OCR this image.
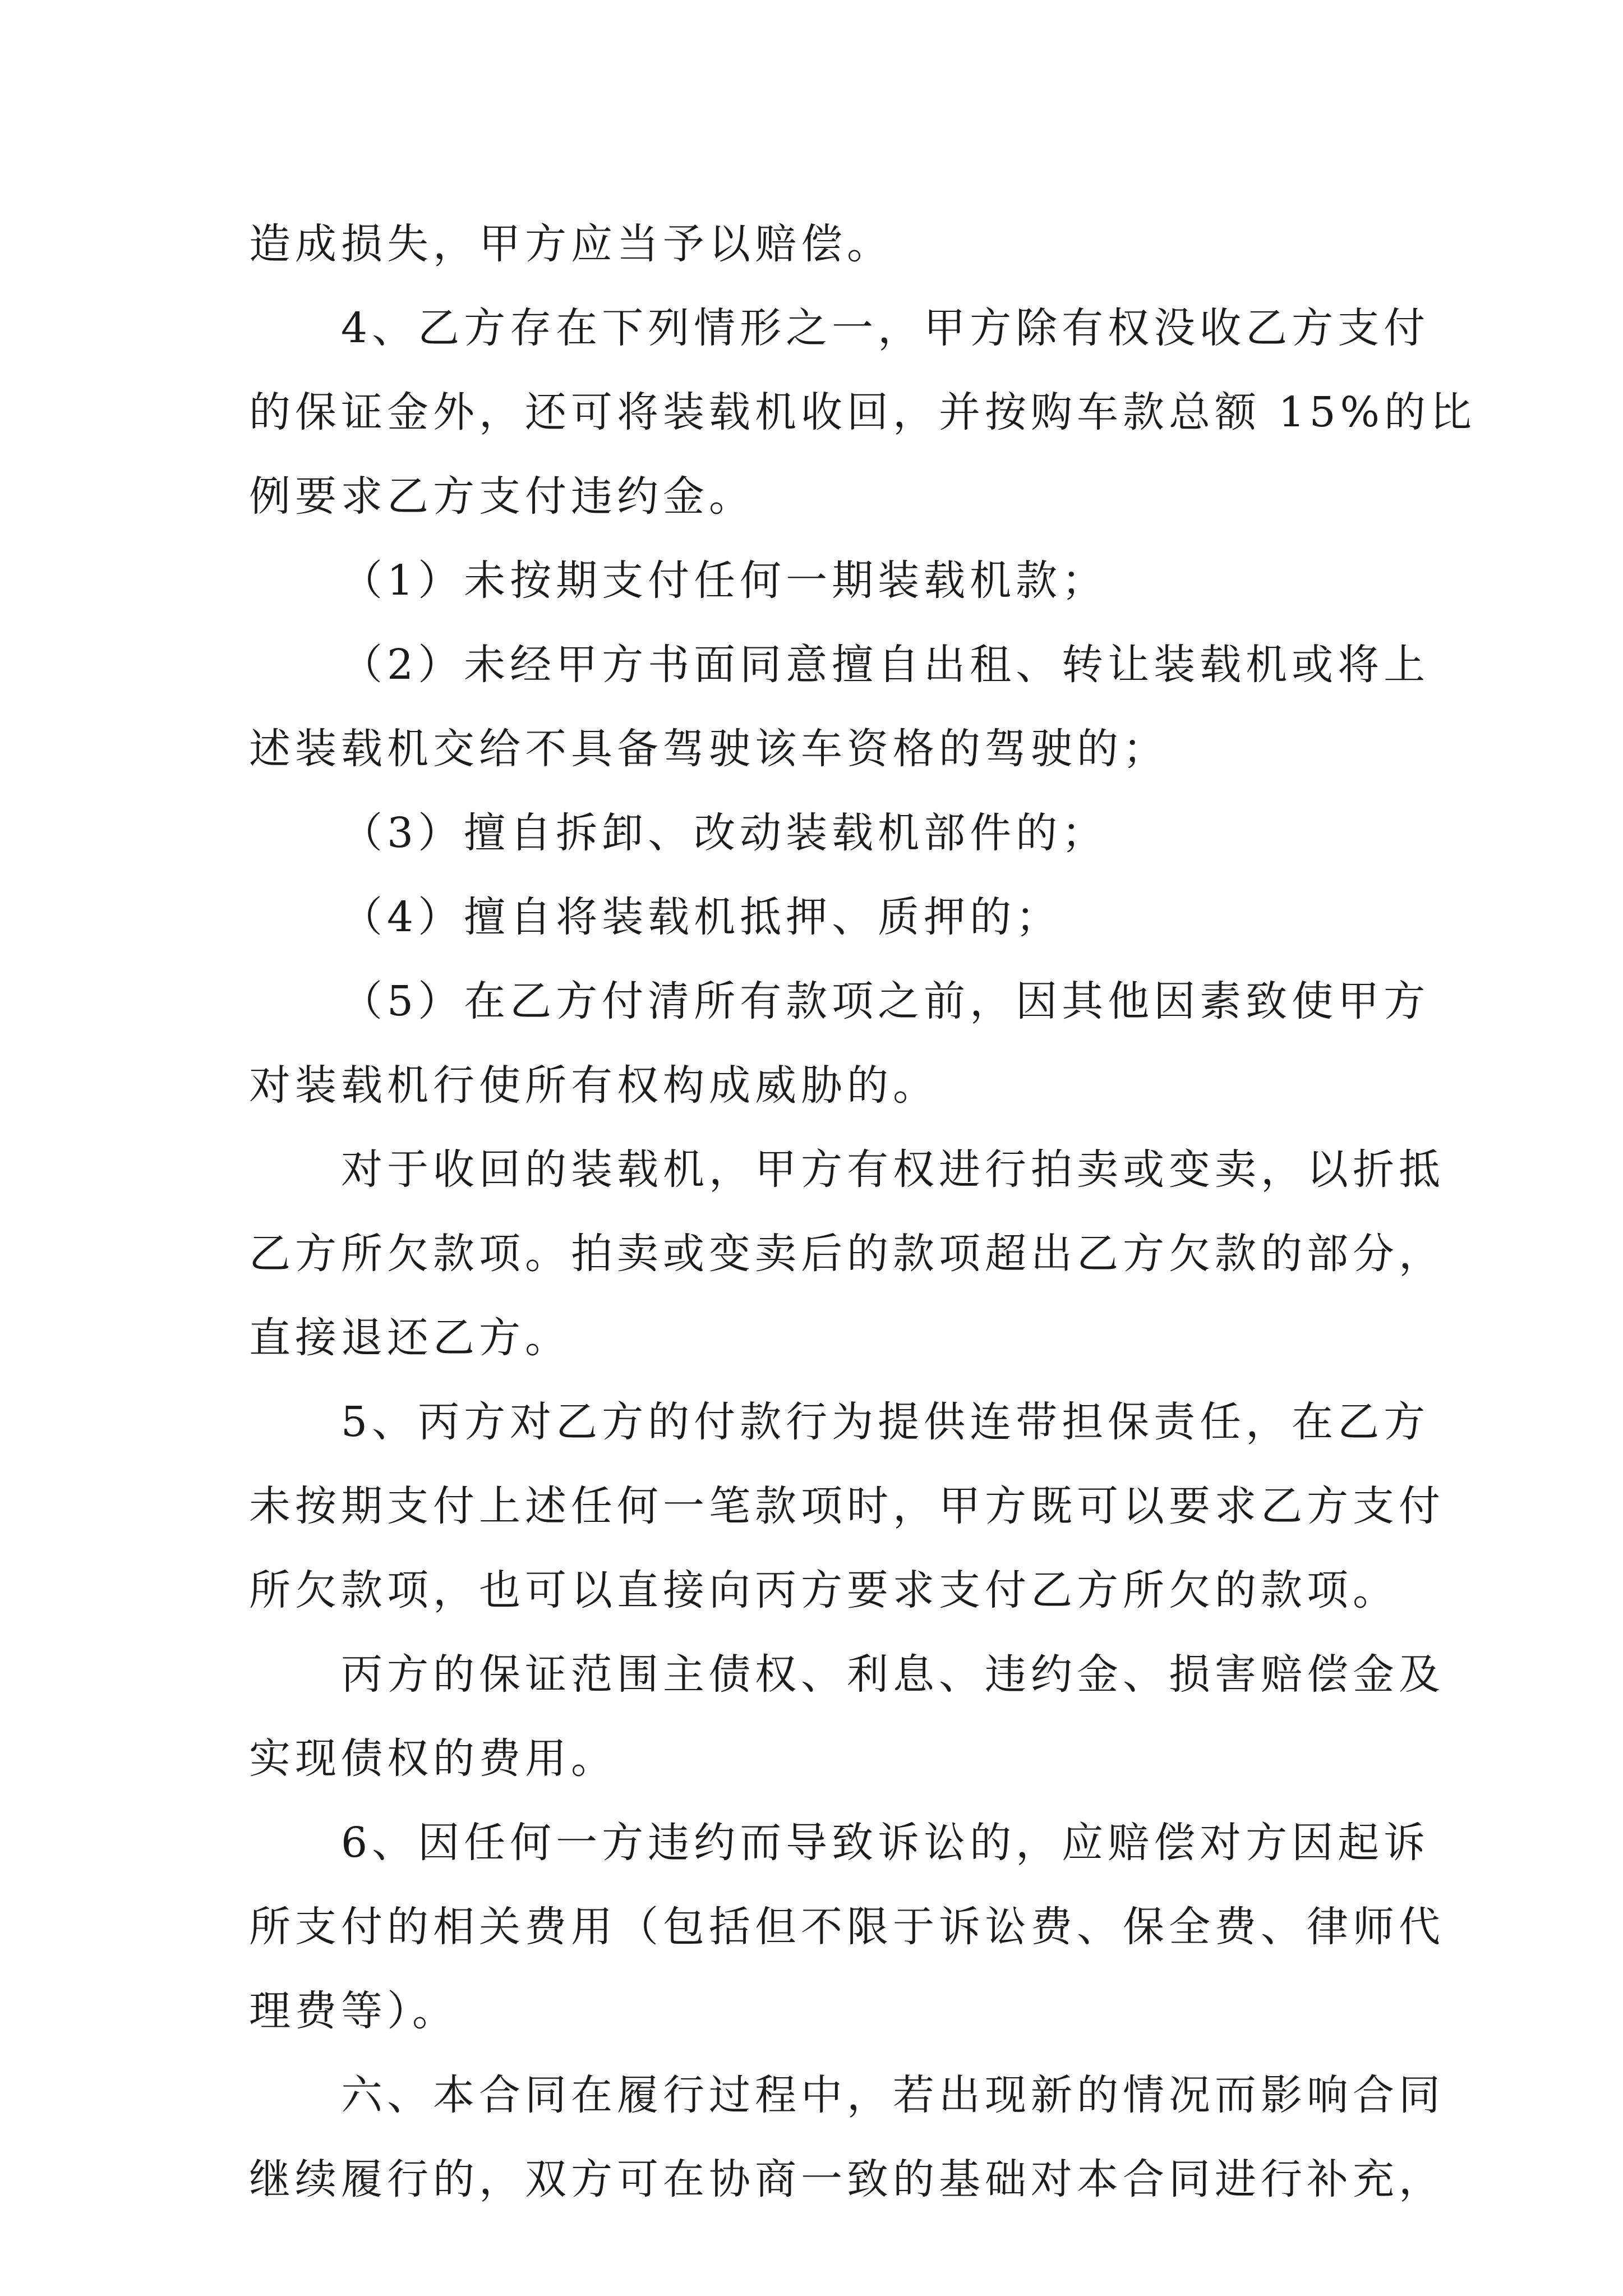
造成损失，甲方应当予以赔偿。
4、乙方存在下列情形之一，甲方除有权没收乙方支付
的保证金外，还可将装载机收回，并按购车款总额 15%的比
例要求乙方支付违约金。
（1）未按期支付任何一期装载机款；
（2）未经甲方书面同意擅自出租、转让装载机或将上
述装载机交给不具备驾驶该车资格的驾驶的；
（3）擅自拆卸、改动装载机部件的；
（4）擅自将装载机抵押、质押的；
（5）在乙方付清所有款项之前，因其他因素致使甲方
对装载机行使所有权构成威胁的。
对于收回的装载机，甲方有权进行拍卖或变卖，以折抵
乙方所欠款项。拍卖或变卖后的款项超出乙方欠款的部分，
直接退还乙方。
5、丙方对乙方的付款行为提供连带担保责任，在乙方
未按期支付上述任何一笔款项时，甲方既可以要求乙方支付
所欠款项，也可以直接向丙方要求支付乙方所欠的款项。
丙方的保证范围主债权、利息、违约金、损害赔偿金及
实现债权的费用。
6、因任何一方违约而导致诉讼的，应赔偿对方因起诉
所支付的相关费用（包括但不限于诉讼费、保全费、律师代
理费等）。
六、本合同在履行过程中，若出现新的情况而影响合同
继续履行的，双方可在协商一致的基础对本合同进行补充，
